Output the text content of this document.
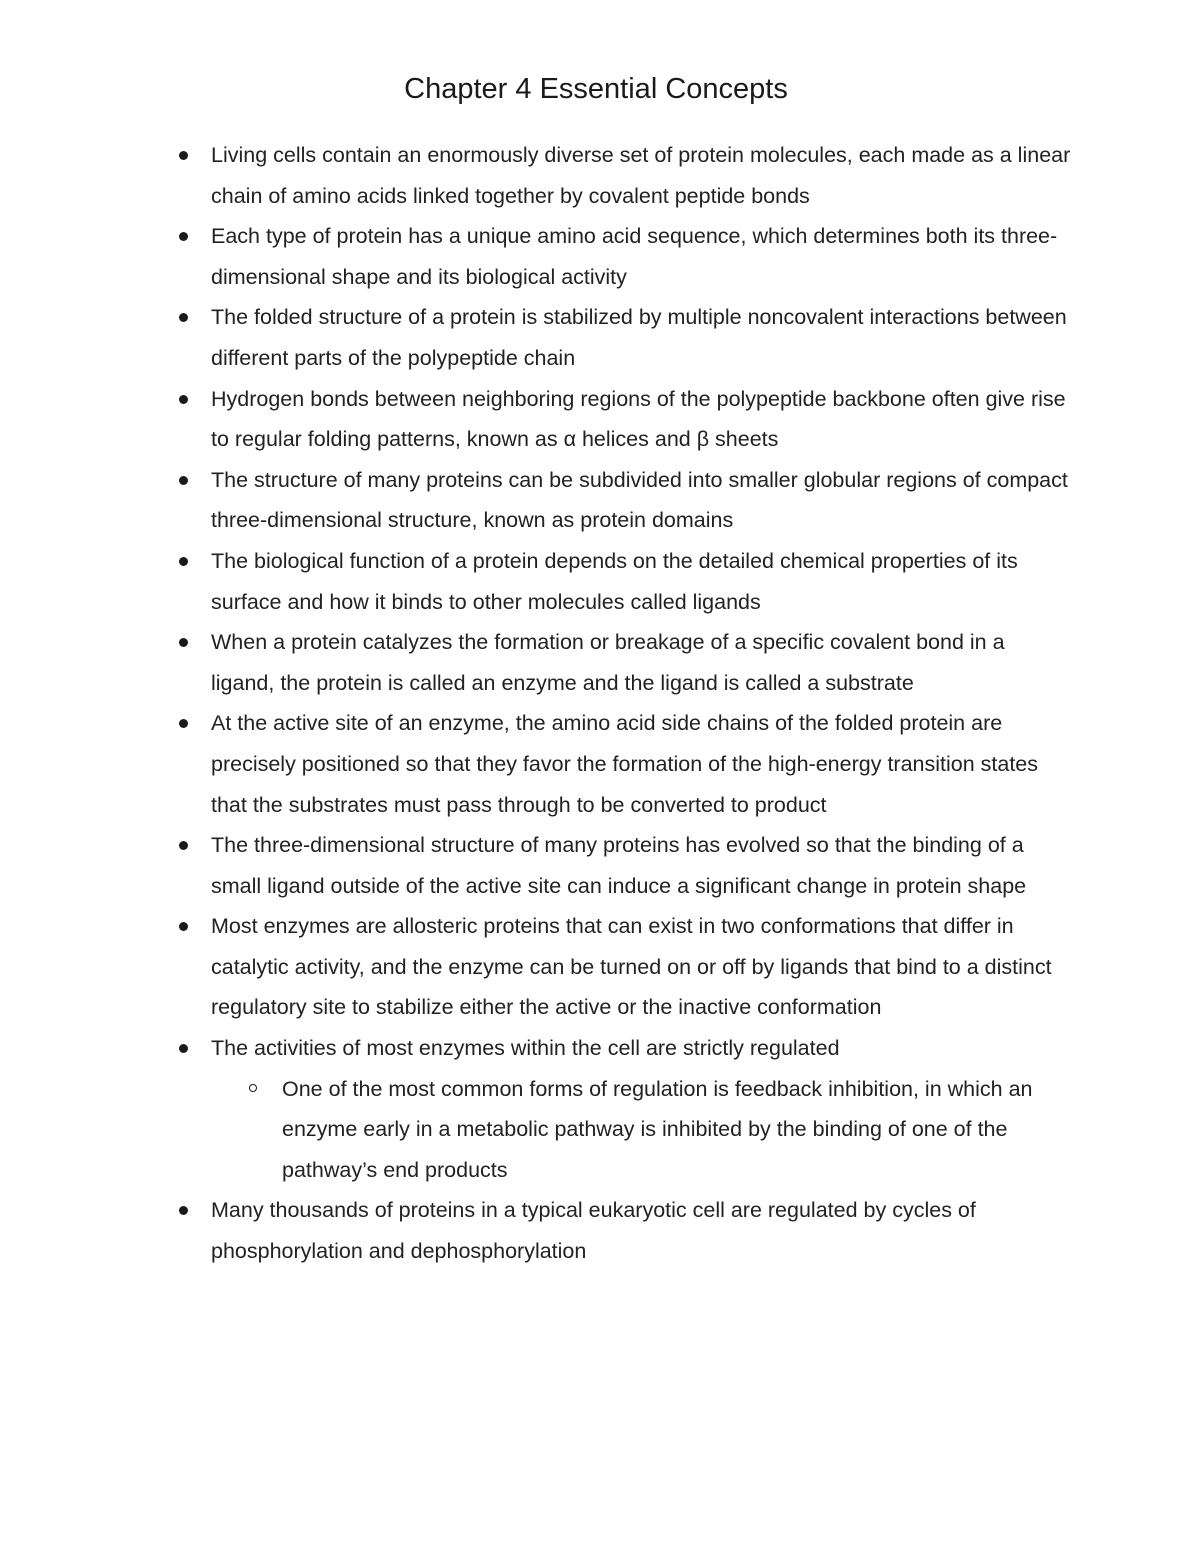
Chapter 4 Essential Concepts
Living cells contain an enormously diverse set of protein molecules, each made as a linear chain of amino acids linked together by covalent peptide bonds
Each type of protein has a unique amino acid sequence, which determines both its three-dimensional shape and its biological activity
The folded structure of a protein is stabilized by multiple noncovalent interactions between different parts of the polypeptide chain
Hydrogen bonds between neighboring regions of the polypeptide backbone often give rise to regular folding patterns, known as α helices and β sheets
The structure of many proteins can be subdivided into smaller globular regions of compact three-dimensional structure, known as protein domains
The biological function of a protein depends on the detailed chemical properties of its surface and how it binds to other molecules called ligands
When a protein catalyzes the formation or breakage of a specific covalent bond in a ligand, the protein is called an enzyme and the ligand is called a substrate
At the active site of an enzyme, the amino acid side chains of the folded protein are precisely positioned so that they favor the formation of the high-energy transition states that the substrates must pass through to be converted to product
The three-dimensional structure of many proteins has evolved so that the binding of a small ligand outside of the active site can induce a significant change in protein shape
Most enzymes are allosteric proteins that can exist in two conformations that differ in catalytic activity, and the enzyme can be turned on or off by ligands that bind to a distinct regulatory site to stabilize either the active or the inactive conformation
The activities of most enzymes within the cell are strictly regulated
One of the most common forms of regulation is feedback inhibition, in which an enzyme early in a metabolic pathway is inhibited by the binding of one of the pathway’s end products
Many thousands of proteins in a typical eukaryotic cell are regulated by cycles of phosphorylation and dephosphorylation
